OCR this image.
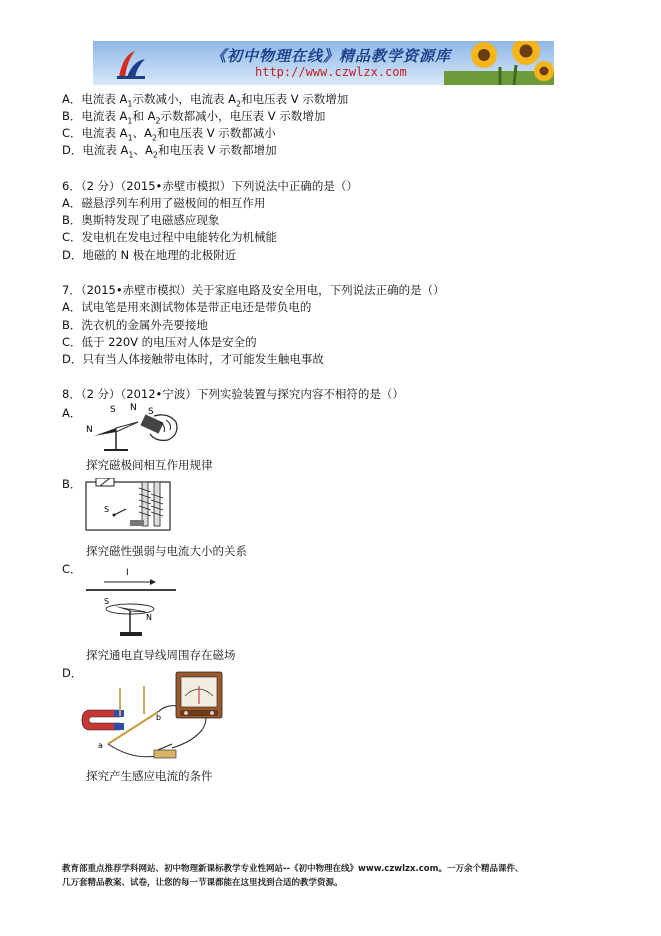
《初中物理在线》精品教学资源库
http://www.czwlzx.com
A．电流表 $A_1$示数减小，电流表 $A_2$和电压表 V 示数增加
B．电流表 $A_1$和 $A_2$示数都减小，电压表 V 示数增加
C．电流表 $A_1$、$A_2$和电压表 V 示数都减小
D．电流表 $A_1$、$A_2$和电压表 V 示数都增加
6．（2 分）（2015•赤壁市模拟）下列说法中正确的是（）
A．磁悬浮列车利用了磁极间的相互作用
B．奥斯特发现了电磁感应现象
C．发电机在发电过程中电能转化为机械能
D．地磁的 N 极在地理的北极附近
7．（2015•赤壁市模拟）关于家庭电路及安全用电，下列说法正确的是（）
A．试电笔是用来测试物体是带正电还是带负电的
B．洗衣机的金属外壳要接地
C．低于 220V 的电压对人体是安全的
D．只有当人体接触带电体时，才可能发生触电事故
8．（2 分）（2012•宁波）下列实验装置与探究内容不相符的是（）
A．
N
S N S
探究磁极间相互作用规律
B．
S
探究磁性强弱与电流大小的关系
C．	I
S
N
探究通电直导线周围存在磁场
D．
a
b
探究产生感应电流的条件
教育部重点推荐学科网站、初中物理新课标教学专业性网站--《初中物理在线》www.czwlzx.com。一万余个精品课件、
几万套精品教案、试卷，让您的每一节课都能在这里找到合适的教学资源。
